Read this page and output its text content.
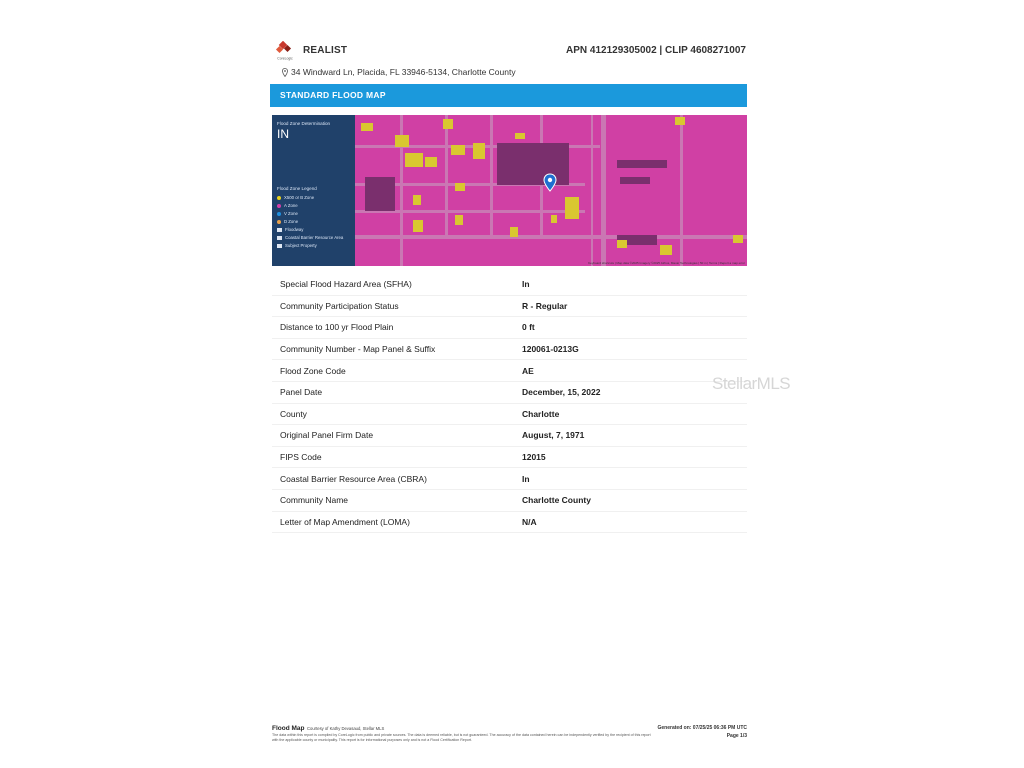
CoreLogic
REALIST	APN 412129305002 | CLIP 4608271007
34 Windward Ln, Placida, FL 33946-5134, Charlotte County
STANDARD FLOOD MAP
Flood Zone Determination
IN
Flood Zone Legend
X500 or B Zone
A Zone
V Zone
D Zone
Floodway
Coastal Barrier Resource Area
Subject Property
Keyboard shortcuts | Map data ©2025 Imagery ©2025 Airbus, Maxar Technologies | 50 m | Terms | Report a map error
Special Flood Hazard Area (SFHA)	In
Community Participation Status	R - Regular
Distance to 100 yr Flood Plain	0 ft
Community Number - Map Panel & Suffix	120061-0213G
Flood Zone Code	AE
Panel Date	December, 15, 2022
County	Charlotte
Original Panel Firm Date	August, 7, 1971
FIPS Code	12015
Coastal Barrier Resource Area (CBRA)	In
Community Name	Charlotte County
Letter of Map Amendment (LOMA)	N/A
StellarMLS
Flood Map Courtesy of Kathy Devasaud, Stellar MLS	Generated on: 07/25/25 06:36 PM UTC
The data within this report is compiled by CoreLogic from public and private sources. The data is deemed reliable, but is not guaranteed. The accuracy of the data contained herein can be independently verified by the recipient of this report with the applicable county or municipality. This report is for informational purposes only and is not a Flood Certification Report.
Page 1/3
